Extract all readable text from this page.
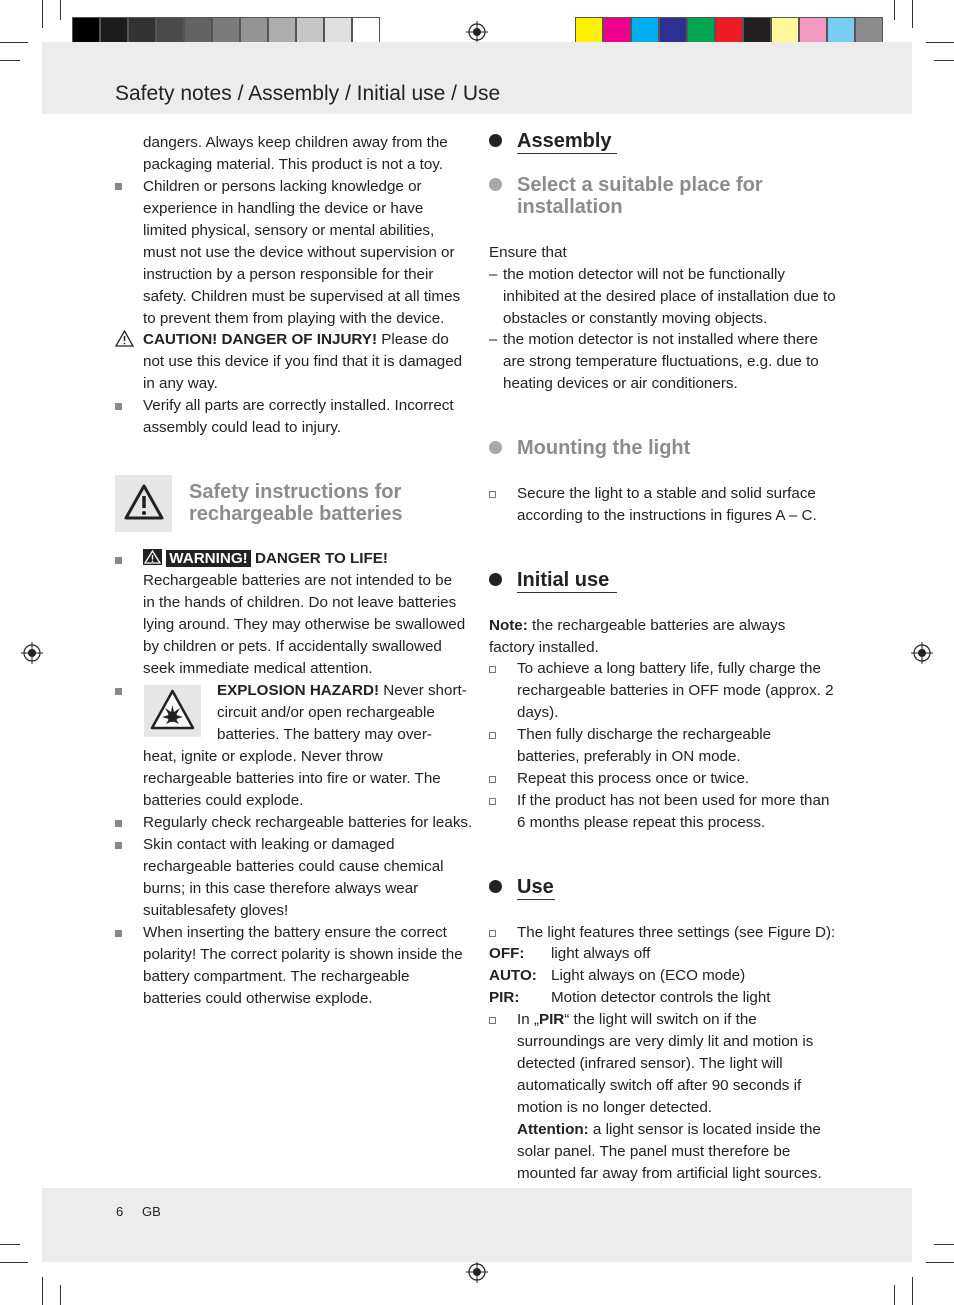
Safety notes / Assembly / Initial use / Use
dangers. Always keep children away from the packaging material. This product is not a toy.
Children or persons lacking knowledge or experience in handling the device or have limited physical, sensory or mental abilities, must not use the device without supervision or instruction by a person responsible for their safety. Children must be supervised at all times to prevent them from playing with the device.
CAUTION! DANGER OF INJURY! Please do not use this device if you find that it is damaged in any way.
Verify all parts are correctly installed. Incorrect assembly could lead to injury.
Safety instructions for rechargeable batteries
WARNING! DANGER TO LIFE!
Rechargeable batteries are not intended to be in the hands of children. Do not leave batteries lying around. They may otherwise be swallowed by children or pets. If accidentally swallowed seek immediate medical attention.
EXPLOSION HAZARD! Never short-circuit and/or open rechargeable batteries. The battery may over-
heat, ignite or explode. Never throw rechargeable batteries into fire or water. The batteries could explode.
Regularly check rechargeable batteries for leaks.
Skin contact with leaking or damaged rechargeable batteries could cause chemical burns; in this case therefore always wear suitablesafety gloves!
When inserting the battery ensure the correct polarity! The correct polarity is shown inside the battery compartment. The rechargeable batteries could otherwise explode.
Assembly
Select a suitable place for installation
Ensure that
– the motion detector will not be functionally inhibited at the desired place of installation due to obstacles or constantly moving objects.
– the motion detector is not installed where there are strong temperature fluctuations, e.g. due to heating devices or air conditioners.
Mounting the light
Secure the light to a stable and solid surface according to the instructions in figures A – C.
Initial use
Note: the rechargeable batteries are always factory installed.
To achieve a long battery life, fully charge the rechargeable batteries in OFF mode (approx. 2 days).
Then fully discharge the rechargeable batteries, preferably in ON mode.
Repeat this process once or twice.
If the product has not been used for more than 6 months please repeat this process.
Use
The light features three settings (see Figure D):
OFF: light always off
AUTO: Light always on (ECO mode)
PIR: Motion detector controls the light
In „PIR“ the light will switch on if the surroundings are very dimly lit and motion is detected (infrared sensor). The light will automatically switch off after 90 seconds if motion is no longer detected.
Attention: a light sensor is located inside the solar panel. The panel must therefore be mounted far away from artificial light sources.
6 GB
